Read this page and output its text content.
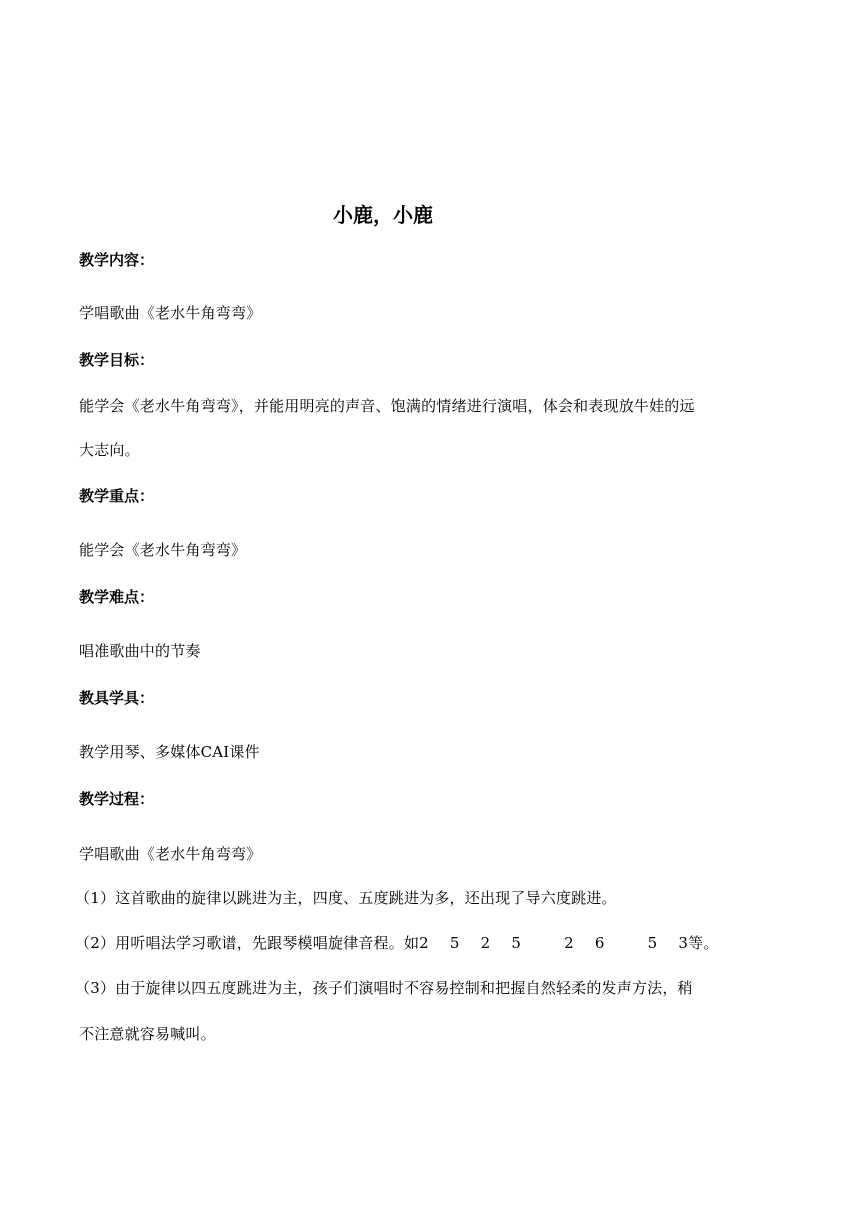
小鹿，小鹿
教学内容：
学唱歌曲《老水牛角弯弯》
教学目标：
能学会《老水牛角弯弯》，并能用明亮的声音、饱满的情绪进行演唱，体会和表现放牛娃的远
大志向。
教学重点：
能学会《老水牛角弯弯》
教学难点：
唱准歌曲中的节奏
教具学具：
教学用琴、多媒体CAI课件
教学过程：
学唱歌曲《老水牛角弯弯》
（1）这首歌曲的旋律以跳进为主，四度、五度跳进为多，还出现了导六度跳进。
（2）用听唱法学习歌谱，先跟琴模唱旋律音程。如2 5 2 5	2 6	5 3等。
（3）由于旋律以四五度跳进为主，孩子们演唱时不容易控制和把握自然轻柔的发声方法，稍
不注意就容易喊叫。
